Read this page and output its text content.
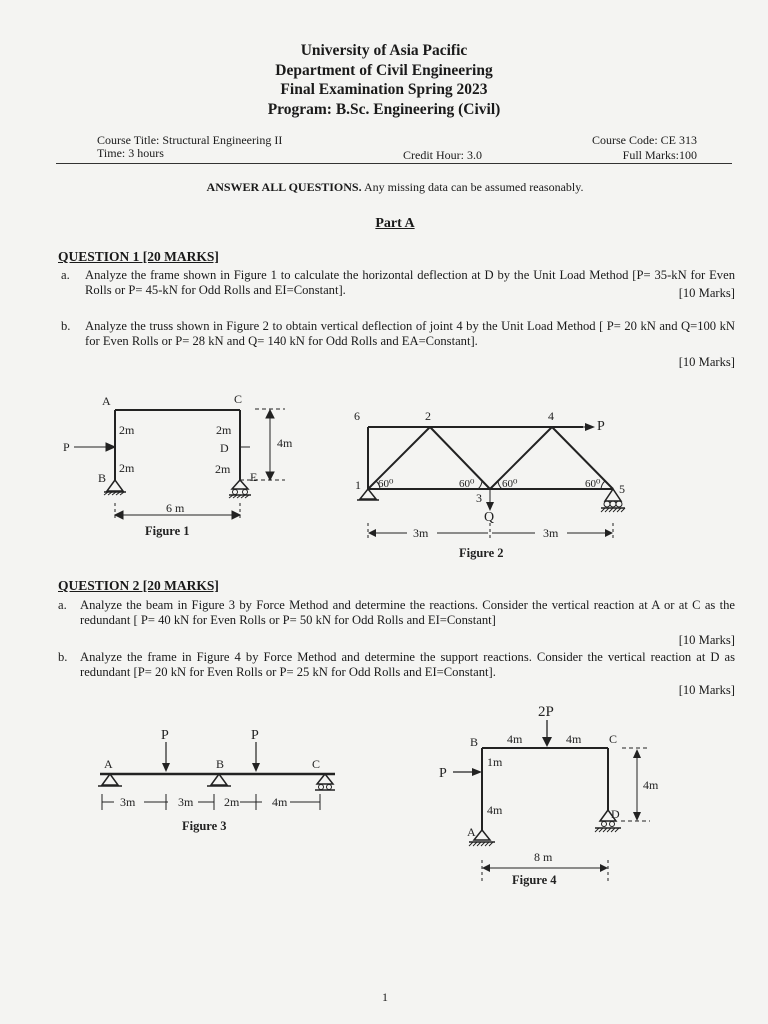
University of Asia Pacific
Department of Civil Engineering
Final Examination Spring 2023
Program: B.Sc. Engineering (Civil)
Course Title: Structural Engineering II
Time: 3 hours	Credit Hour: 3.0
Course Code: CE 313
Full Marks:100
ANSWER ALL QUESTIONS. Any missing data can be assumed reasonably.
Part A
QUESTION 1 [20 MARKS]
a. Analyze the frame shown in Figure 1 to calculate the horizontal deflection at D by the Unit Load Method [P= 35-kN for Even Rolls or P= 45-kN for Odd Rolls and EI=Constant].	[10 Marks]
b. Analyze the truss shown in Figure 2 to obtain vertical deflection of joint 4 by the Unit Load Method [ P= 20 kN and Q=100 kN for Even Rolls or P= 28 kN and Q= 140 kN for Odd Rolls and EA=Constant].
[10 Marks]
A
B
C
D
E
P
2m
2m
2m
2m
4m
6 m
Figure 1
6	2	4
1
3
5
P
Q
60⁰	60⁰	60⁰	60⁰
3m	3m
Figure 2
QUESTION 2 [20 MARKS]
a. Analyze the beam in Figure 3 by Force Method and determine the reactions. Consider the vertical reaction at A or at C as the redundant [ P= 40 kN for Even Rolls or P= 50 kN for Odd Rolls and EI=Constant]
[10 Marks]
b. Analyze the frame in Figure 4 by Force Method and determine the support reactions. Consider the vertical reaction at D as redundant [P= 20 kN for Even Rolls or P= 25 kN for Odd Rolls and EI=Constant].
[10 Marks]
A	B	C
P	P
3m	3m	2m	4m
Figure 3
B	C
D
A
2P
P
4m	4m
1m
4m
4m
8 m
Figure 4
1
